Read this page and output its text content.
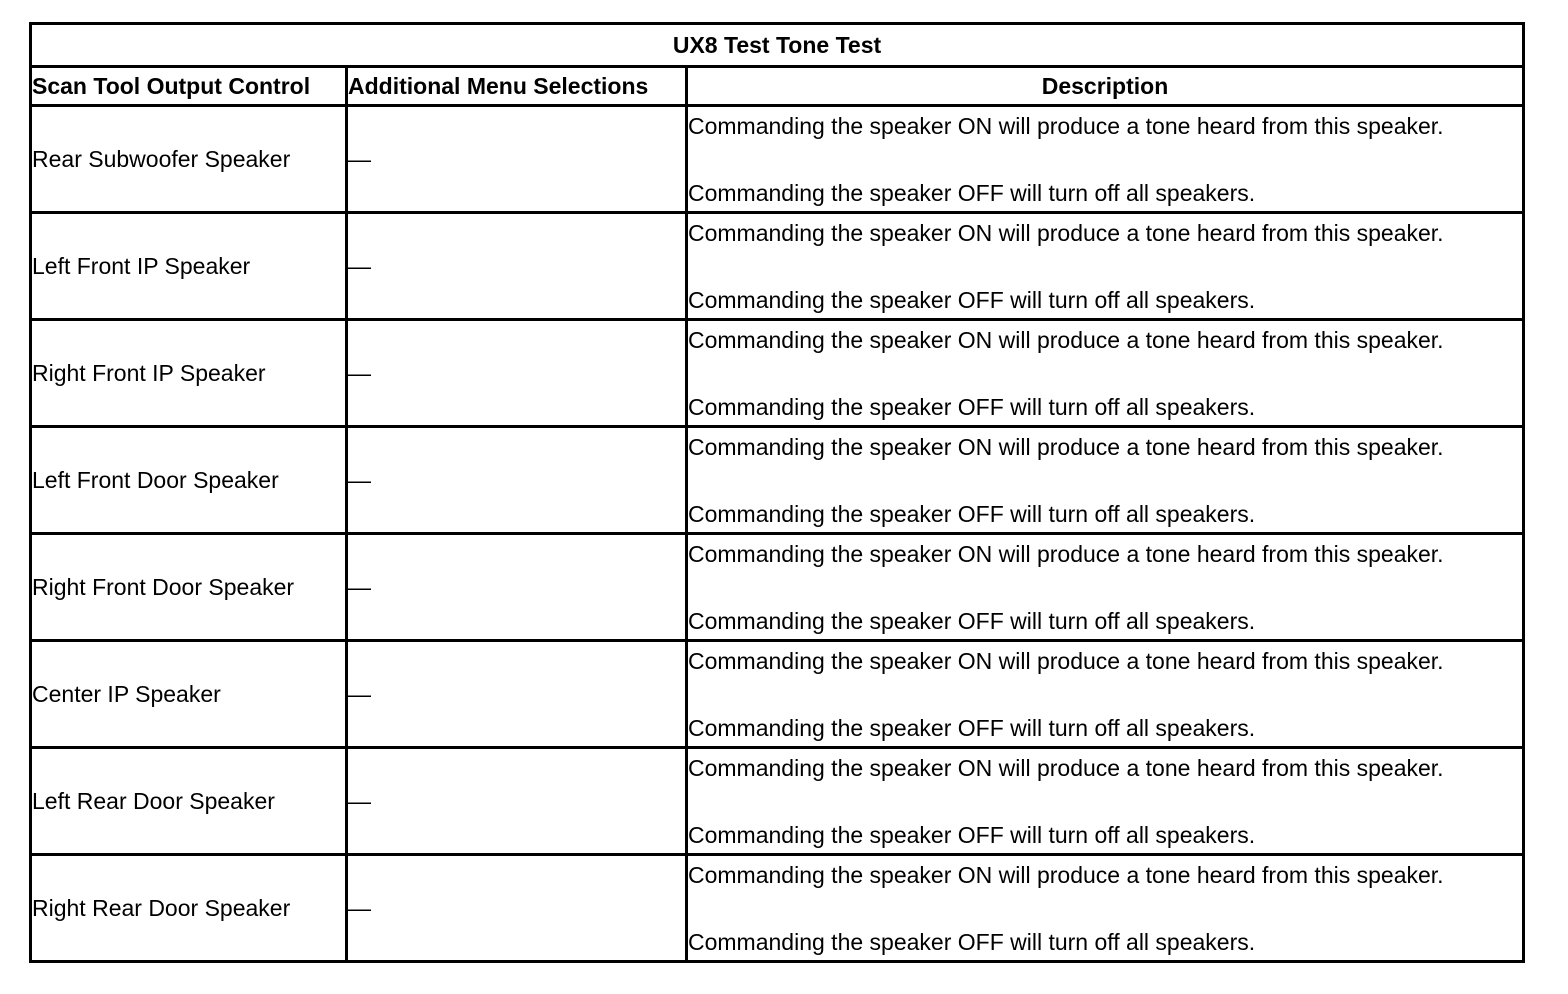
UX8 Test Tone Test		
Scan Tool Output Control	Additional Menu Selections	Description
Rear Subwoofer Speaker	—	Commanding the speaker ON will produce a tone heard from this speaker.
Commanding the speaker OFF will turn off all speakers.

Left Front IP Speaker	—	Commanding the speaker ON will produce a tone heard from this speaker.
Commanding the speaker OFF will turn off all speakers.

Right Front IP Speaker	—	Commanding the speaker ON will produce a tone heard from this speaker.
Commanding the speaker OFF will turn off all speakers.

Left Front Door Speaker	—	Commanding the speaker ON will produce a tone heard from this speaker.
Commanding the speaker OFF will turn off all speakers.

Right Front Door Speaker	—	Commanding the speaker ON will produce a tone heard from this speaker.
Commanding the speaker OFF will turn off all speakers.

Center IP Speaker	—	Commanding the speaker ON will produce a tone heard from this speaker.
Commanding the speaker OFF will turn off all speakers.

Left Rear Door Speaker	—	Commanding the speaker ON will produce a tone heard from this speaker.
Commanding the speaker OFF will turn off all speakers.

Right Rear Door Speaker	—	Commanding the speaker ON will produce a tone heard from this speaker.
Commanding the speaker OFF will turn off all speakers.
